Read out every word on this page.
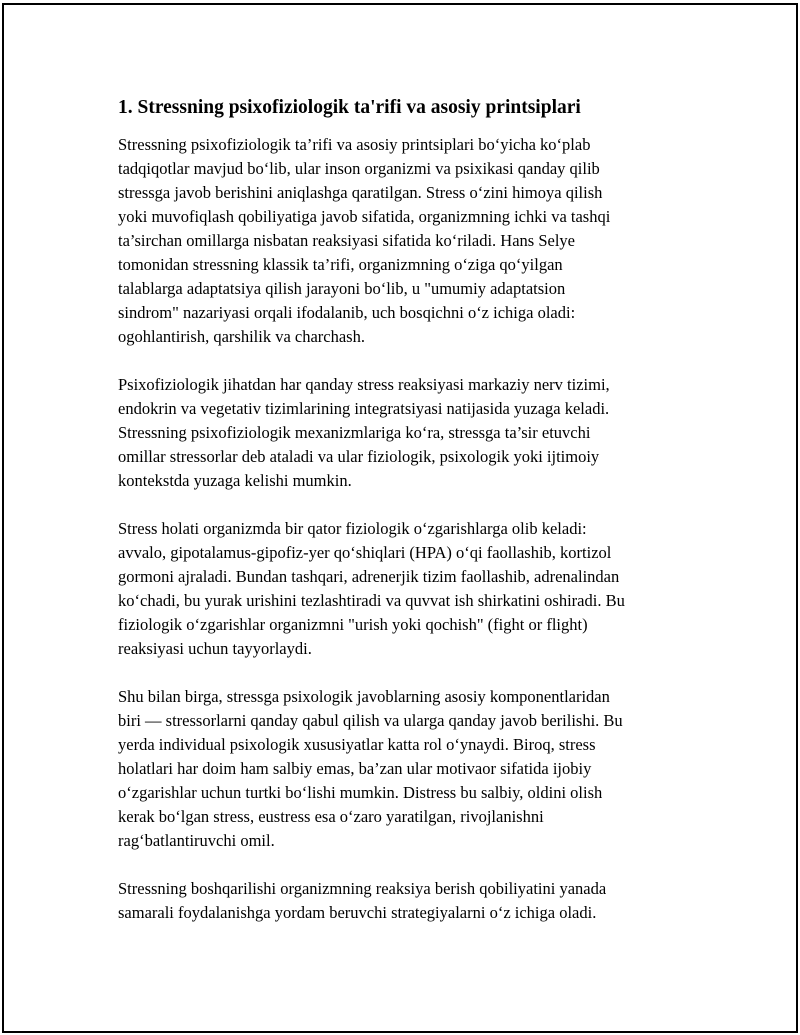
1. Stressning psixofiziologik ta'rifi va asosiy printsiplari

Stressning psixofiziologik ta’rifi va asosiy printsiplari bo‘yicha ko‘plab
tadqiqotlar mavjud bo‘lib, ular inson organizmi va psixikasi qanday qilib
stressga javob berishini aniqlashga qaratilgan. Stress o‘zini himoya qilish
yoki muvofiqlash qobiliyatiga javob sifatida, organizmning ichki va tashqi
ta’sirchan omillarga nisbatan reaksiyasi sifatida ko‘riladi. Hans Selye
tomonidan stressning klassik ta’rifi, organizmning o‘ziga qo‘yilgan
talablarga adaptatsiya qilish jarayoni bo‘lib, u "umumiy adaptatsion
sindrom" nazariyasi orqali ifodalanib, uch bosqichni o‘z ichiga oladi:
ogohlantirish, qarshilik va charchash.

Psixofiziologik jihatdan har qanday stress reaksiyasi markaziy nerv tizimi,
endokrin va vegetativ tizimlarining integratsiyasi natijasida yuzaga keladi.
Stressning psixofiziologik mexanizmlariga ko‘ra, stressga ta’sir etuvchi
omillar stressorlar deb ataladi va ular fiziologik, psixologik yoki ijtimoiy
kontekstda yuzaga kelishi mumkin.

Stress holati organizmda bir qator fiziologik o‘zgarishlarga olib keladi:
avvalo, gipotalamus-gipofiz-yer qo‘shiqlari (HPA) o‘qi faollashib, kortizol
gormoni ajraladi. Bundan tashqari, adrenerjik tizim faollashib, adrenalindan
ko‘chadi, bu yurak urishini tezlashtiradi va quvvat ish shirkatini oshiradi. Bu
fiziologik o‘zgarishlar organizmni "urish yoki qochish" (fight or flight)
reaksiyasi uchun tayyorlaydi.

Shu bilan birga, stressga psixologik javoblarning asosiy komponentlaridan
biri — stressorlarni qanday qabul qilish va ularga qanday javob berilishi. Bu
yerda individual psixologik xususiyatlar katta rol o‘ynaydi. Biroq, stress
holatlari har doim ham salbiy emas, ba’zan ular motivaor sifatida ijobiy
o‘zgarishlar uchun turtki bo‘lishi mumkin. Distress bu salbiy, oldini olish
kerak bo‘lgan stress, eustress esa o‘zaro yaratilgan, rivojlanishni
rag‘batlantiruvchi omil.

Stressning boshqarilishi organizmning reaksiya berish qobiliyatini yanada
samarali foydalanishga yordam beruvchi strategiyalarni o‘z ichiga oladi.
